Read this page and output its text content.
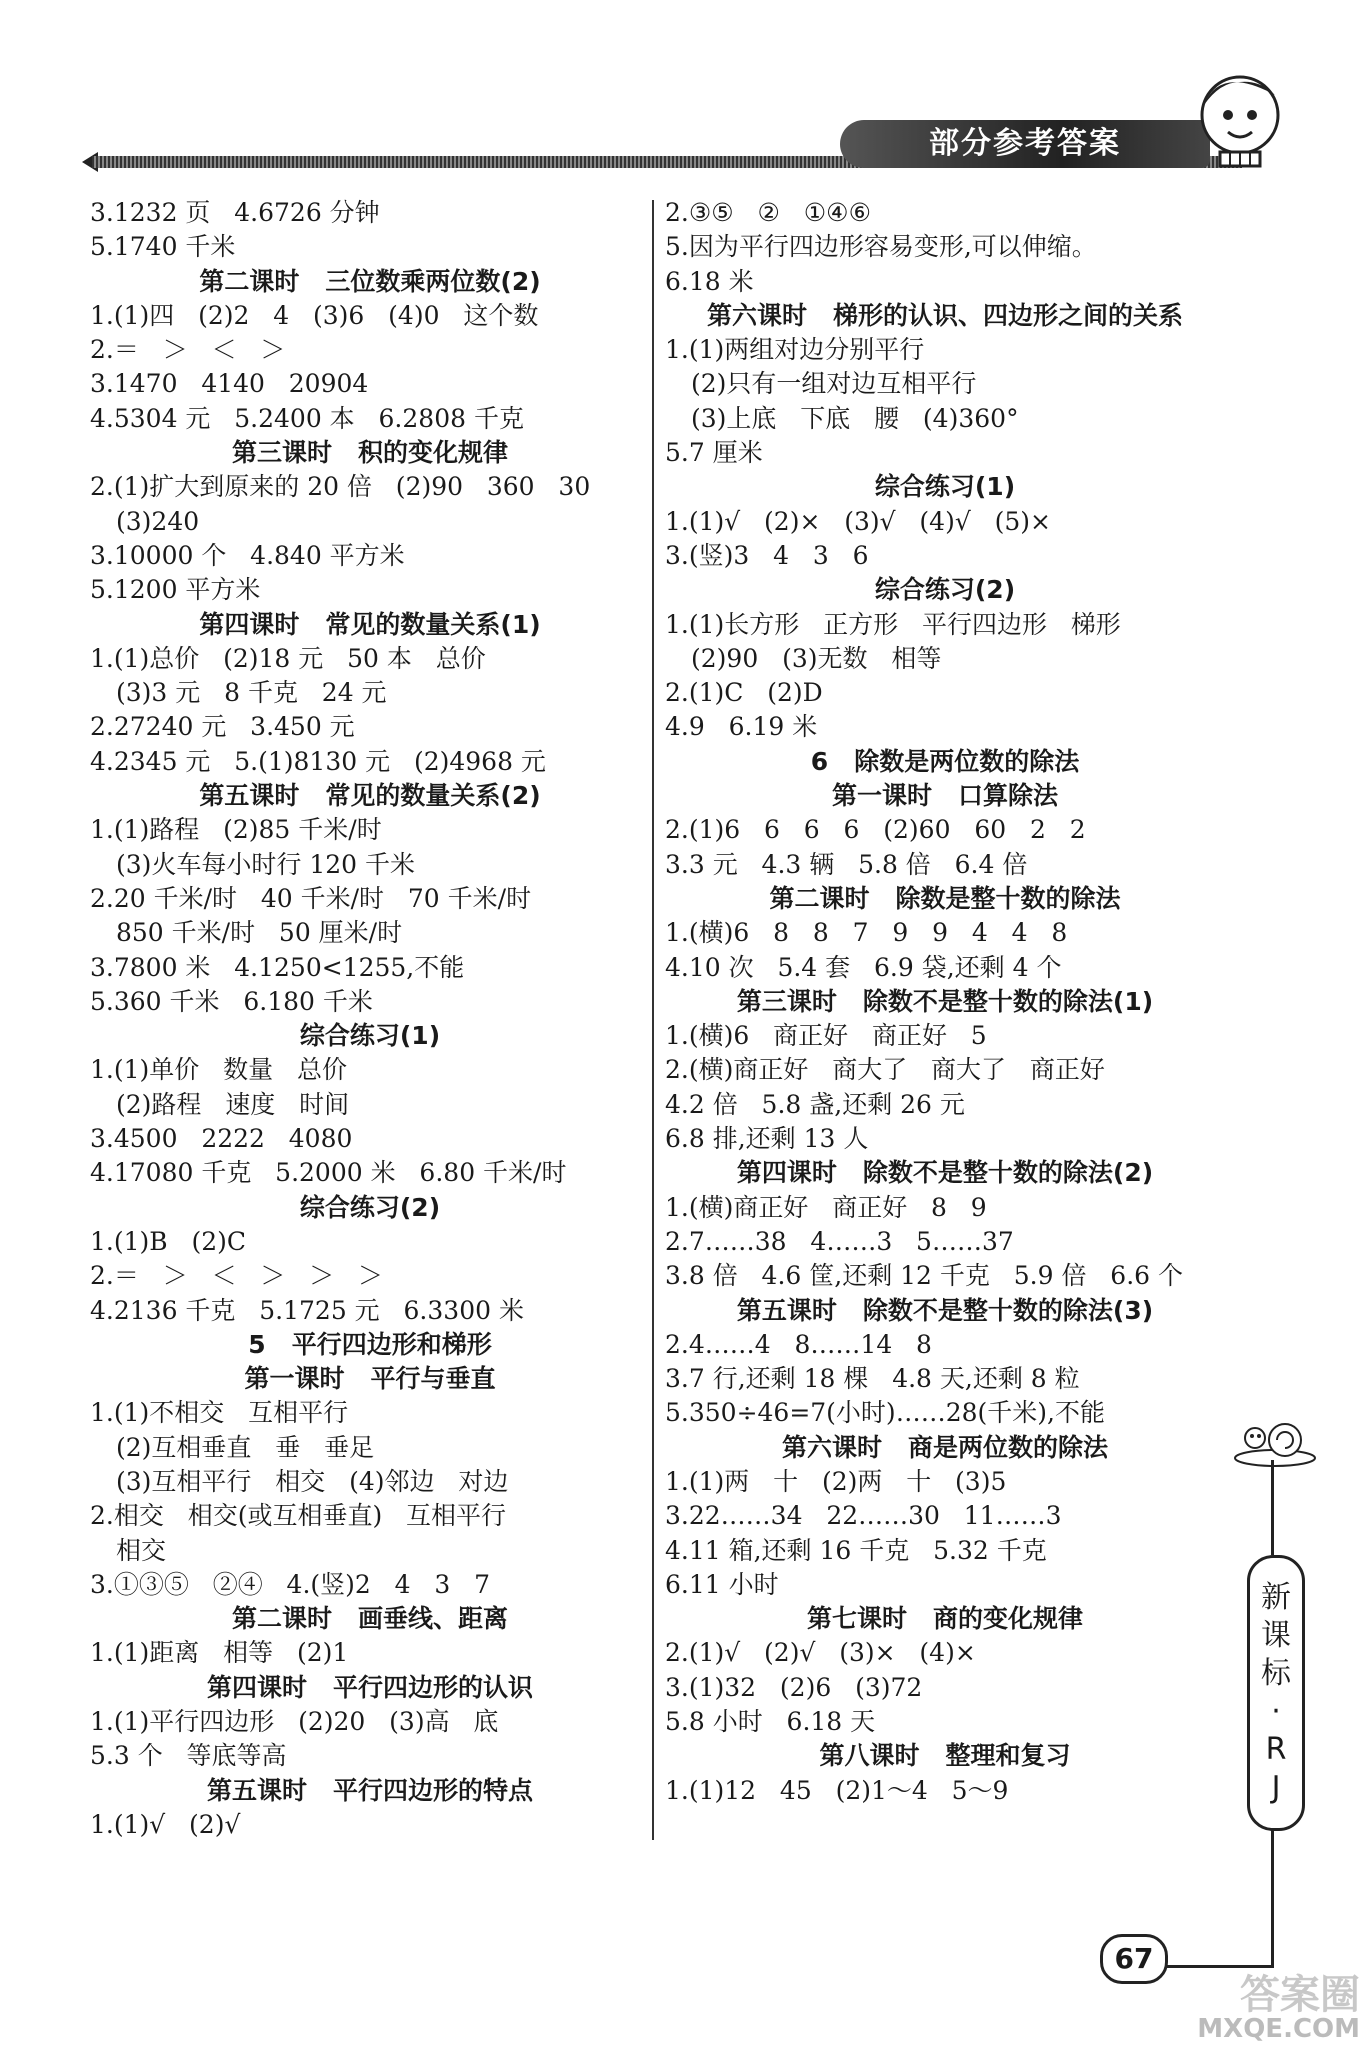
部分参考答案
3.1232 页   4.6726 分钟
5.1740 千米
第二课时   三位数乘两位数(2)
1.(1)四   (2)2   4   (3)6   (4)0   这个数
2.＝   ＞   ＜   ＞
3.1470   4140   20904
4.5304 元   5.2400 本   6.2808 千克
第三课时   积的变化规律
2.(1)扩大到原来的 20 倍   (2)90   360   30
(3)240
3.10000 个   4.840 平方米
5.1200 平方米
第四课时   常见的数量关系(1)
1.(1)总价   (2)18 元   50 本   总价
(3)3 元   8 千克   24 元
2.27240 元   3.450 元
4.2345 元   5.(1)8130 元   (2)4968 元
第五课时   常见的数量关系(2)
1.(1)路程   (2)85 千米/时
(3)火车每小时行 120 千米
2.20 千米/时   40 千米/时   70 千米/时
850 千米/时   50 厘米/时
3.7800 米   4.1250<1255,不能
5.360 千米   6.180 千米
综合练习(1)
1.(1)单价   数量   总价
(2)路程   速度   时间
3.4500   2222   4080
4.17080 千克   5.2000 米   6.80 千米/时
综合练习(2)
1.(1)B   (2)C
2.＝   ＞   ＜   ＞   ＞   ＞
4.2136 千克   5.1725 元   6.3300 米
5   平行四边形和梯形
第一课时   平行与垂直
1.(1)不相交   互相平行
(2)互相垂直   垂   垂足
(3)互相平行   相交   (4)邻边   对边
2.相交   相交(或互相垂直)   互相平行
相交
3.①③⑤   ②④   4.(竖)2   4   3   7
第二课时   画垂线、距离
1.(1)距离   相等   (2)1
第四课时   平行四边形的认识
1.(1)平行四边形   (2)20   (3)高   底
5.3 个   等底等高
第五课时   平行四边形的特点
1.(1)√   (2)√
2.③⑤   ②   ①④⑥
5.因为平行四边形容易变形,可以伸缩。
6.18 米
第六课时   梯形的认识、四边形之间的关系
1.(1)两组对边分别平行
(2)只有一组对边互相平行
(3)上底   下底   腰   (4)360°
5.7 厘米
综合练习(1)
1.(1)√   (2)×   (3)√   (4)√   (5)×
3.(竖)3   4   3   6
综合练习(2)
1.(1)长方形   正方形   平行四边形   梯形
(2)90   (3)无数   相等
2.(1)C   (2)D
4.9   6.19 米
6   除数是两位数的除法
第一课时   口算除法
2.(1)6   6   6   6   (2)60   60   2   2
3.3 元   4.3 辆   5.8 倍   6.4 倍
第二课时   除数是整十数的除法
1.(横)6   8   8   7   9   9   4   4   8
4.10 次   5.4 套   6.9 袋,还剩 4 个
第三课时   除数不是整十数的除法(1)
1.(横)6   商正好   商正好   5
2.(横)商正好   商大了   商大了   商正好
4.2 倍   5.8 盏,还剩 26 元
6.8 排,还剩 13 人
第四课时   除数不是整十数的除法(2)
1.(横)商正好   商正好   8   9
2.7……38   4……3   5……37
3.8 倍   4.6 筐,还剩 12 千克   5.9 倍   6.6 个
第五课时   除数不是整十数的除法(3)
2.4……4   8……14   8
3.7 行,还剩 18 棵   4.8 天,还剩 8 粒
5.350÷46=7(小时)……28(千米),不能
第六课时   商是两位数的除法
1.(1)两   十   (2)两   十   (3)5
3.22……34   22……30   11……3
4.11 箱,还剩 16 千克   5.32 千克
6.11 小时
第七课时   商的变化规律
2.(1)√   (2)√   (3)×   (4)×
3.(1)32   (2)6   (3)72
5.8 小时   6.18 天
第八课时   整理和复习
1.(1)12   45   (2)1～4   5～9
新
课
标
·
R
J
67
答案圈
MXQE.COM
